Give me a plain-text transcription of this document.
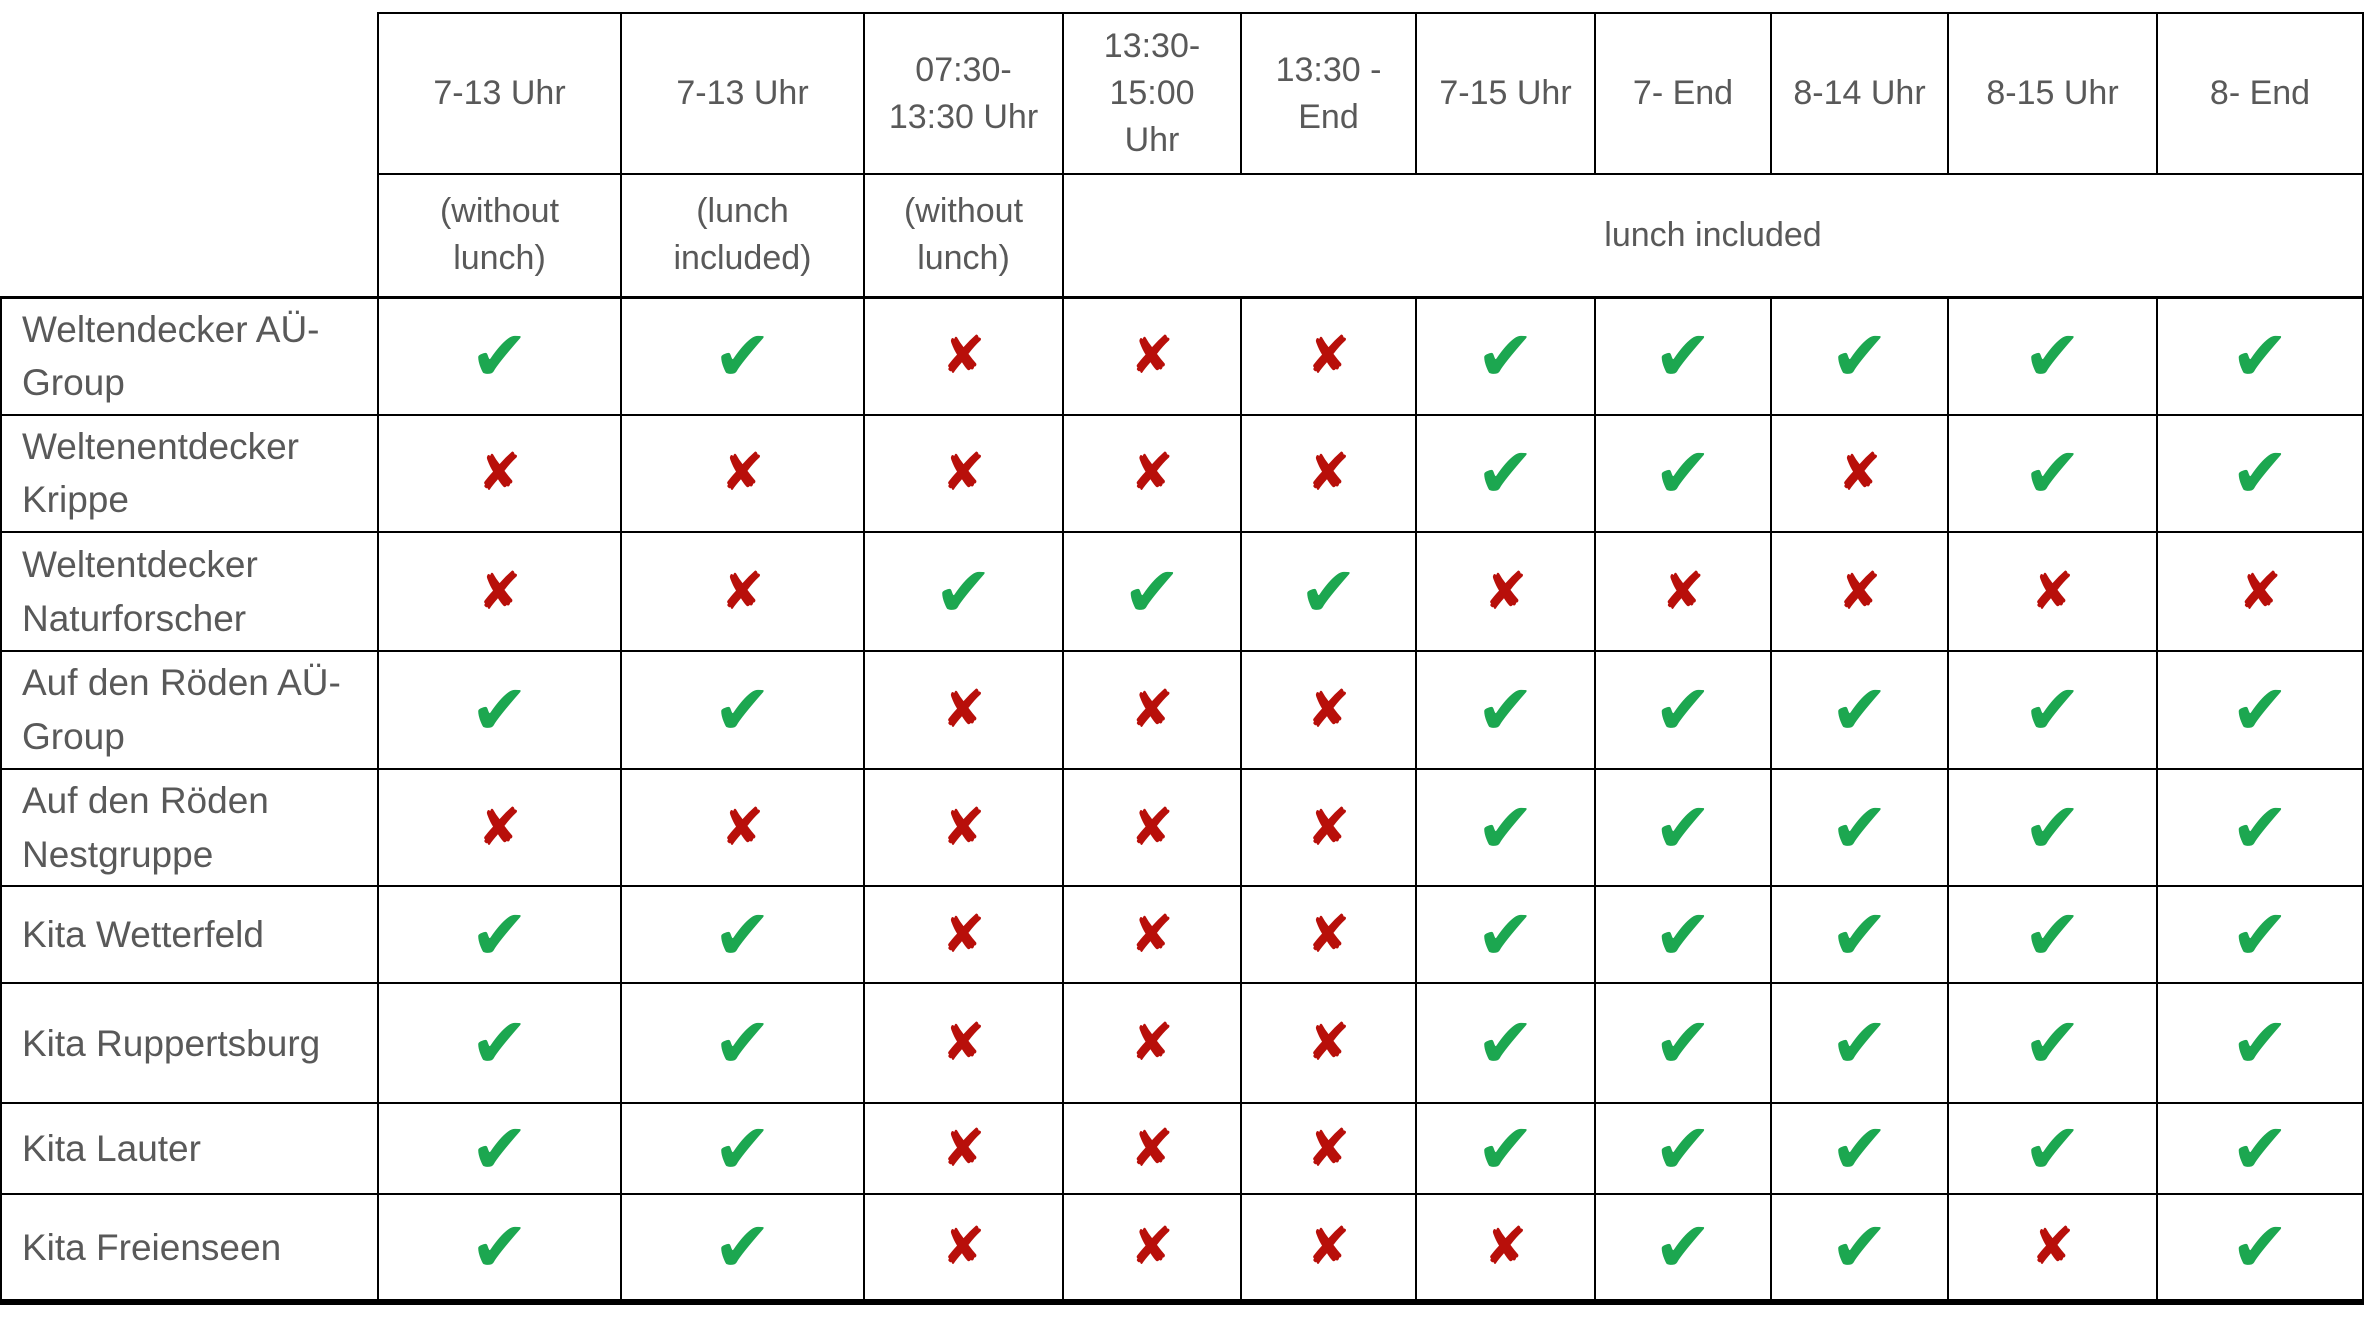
	7-13 Uhr	7-13 Uhr	07:30-13:30 Uhr	13:30-15:00 Uhr	13:30 - End	7-15 Uhr	7- End	8-14 Uhr	8-15 Uhr	8- End
	(without lunch)	(lunch included)	(without lunch)	lunch included						
Weltendecker AÜ-Group	✔	✔	✘	✘	✘	✔	✔	✔	✔	✔
Weltenentdecker Krippe	✘	✘	✘	✘	✘	✔	✔	✘	✔	✔
Weltentdecker Naturforscher	✘	✘	✔	✔	✔	✘	✘	✘	✘	✘
Auf den Röden AÜ-Group	✔	✔	✘	✘	✘	✔	✔	✔	✔	✔
Auf den Röden Nestgruppe	✘	✘	✘	✘	✘	✔	✔	✔	✔	✔
Kita Wetterfeld	✔	✔	✘	✘	✘	✔	✔	✔	✔	✔
Kita Ruppertsburg	✔	✔	✘	✘	✘	✔	✔	✔	✔	✔
Kita Lauter	✔	✔	✘	✘	✘	✔	✔	✔	✔	✔
Kita Freienseen	✔	✔	✘	✘	✘	✘	✔	✔	✘	✔
